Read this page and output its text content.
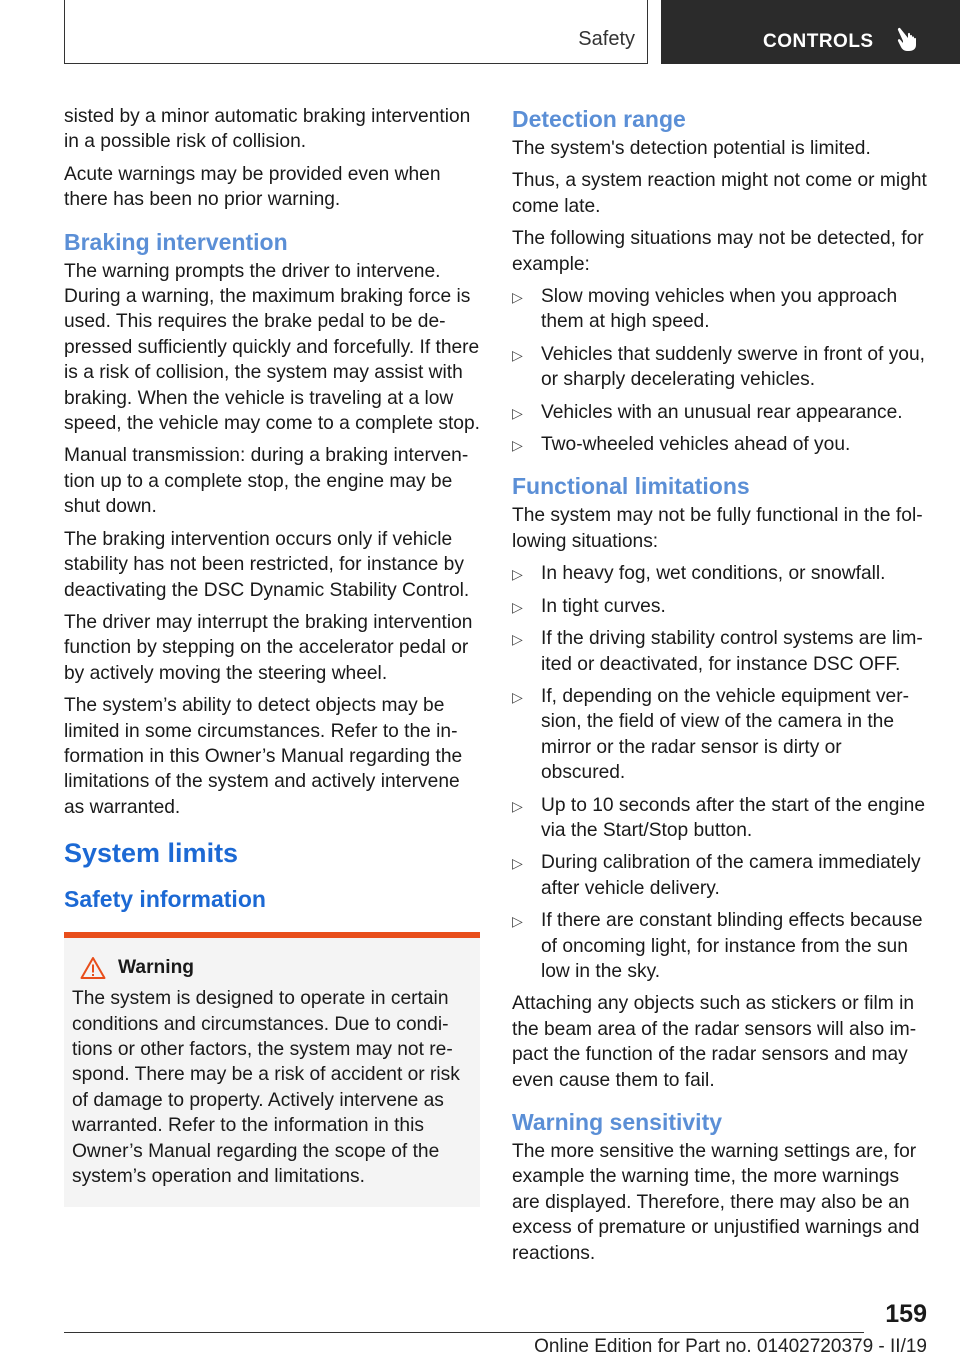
Safety	CONTROLS

sisted by a minor automatic braking intervention in a possible risk of collision.

Acute warnings may be provided even when there has been no prior warning.

Braking intervention

The warning prompts the driver to intervene. During a warning, the maximum braking force is used. This requires the brake pedal to be depressed sufficiently quickly and forcefully. If there is a risk of collision, the system may assist with braking. When the vehicle is traveling at a low speed, the vehicle may come to a complete stop.

Manual transmission: during a braking intervention up to a complete stop, the engine may be shut down.

The braking intervention occurs only if vehicle stability has not been restricted, for instance by deactivating the DSC Dynamic Stability Control.

The driver may interrupt the braking intervention function by stepping on the accelerator pedal or by actively moving the steering wheel.

The system’s ability to detect objects may be limited in some circumstances. Refer to the information in this Owner’s Manual regarding the limitations of the system and actively intervene as warranted.

System limits
Safety information
Warning

The system is designed to operate in certain conditions and circumstances. Due to conditions or other factors, the system may not respond. There may be a risk of accident or risk of damage to property. Actively intervene as warranted. Refer to the information in this Owner’s Manual regarding the scope of the system’s operation and limitations.

Detection range

The system's detection potential is limited.

Thus, a system reaction might not come or might come late.

The following situations may not be detected, for example:

▷ Slow moving vehicles when you approach them at high speed.
▷ Vehicles that suddenly swerve in front of you, or sharply decelerating vehicles.
▷ Vehicles with an unusual rear appearance.
▷ Two-wheeled vehicles ahead of you.
Functional limitations

The system may not be fully functional in the following situations:

▷ In heavy fog, wet conditions, or snowfall.
▷ In tight curves.
▷ If the driving stability control systems are limited or deactivated, for instance DSC OFF.
▷ If, depending on the vehicle equipment version, the field of view of the camera in the mirror or the radar sensor is dirty or obscured.
▷ Up to 10 seconds after the start of the engine via the Start/Stop button.
▷ During calibration of the camera immediately after vehicle delivery.
▷ If there are constant blinding effects because of oncoming light, for instance from the sun low in the sky.

Attaching any objects such as stickers or film in the beam area of the radar sensors will also impact the function of the radar sensors and may even cause them to fail.

Warning sensitivity

The more sensitive the warning settings are, for example the warning time, the more warnings are displayed. Therefore, there may also be an excess of premature or unjustified warnings and reactions.

159
Online Edition for Part no. 01402720379 - II/19
